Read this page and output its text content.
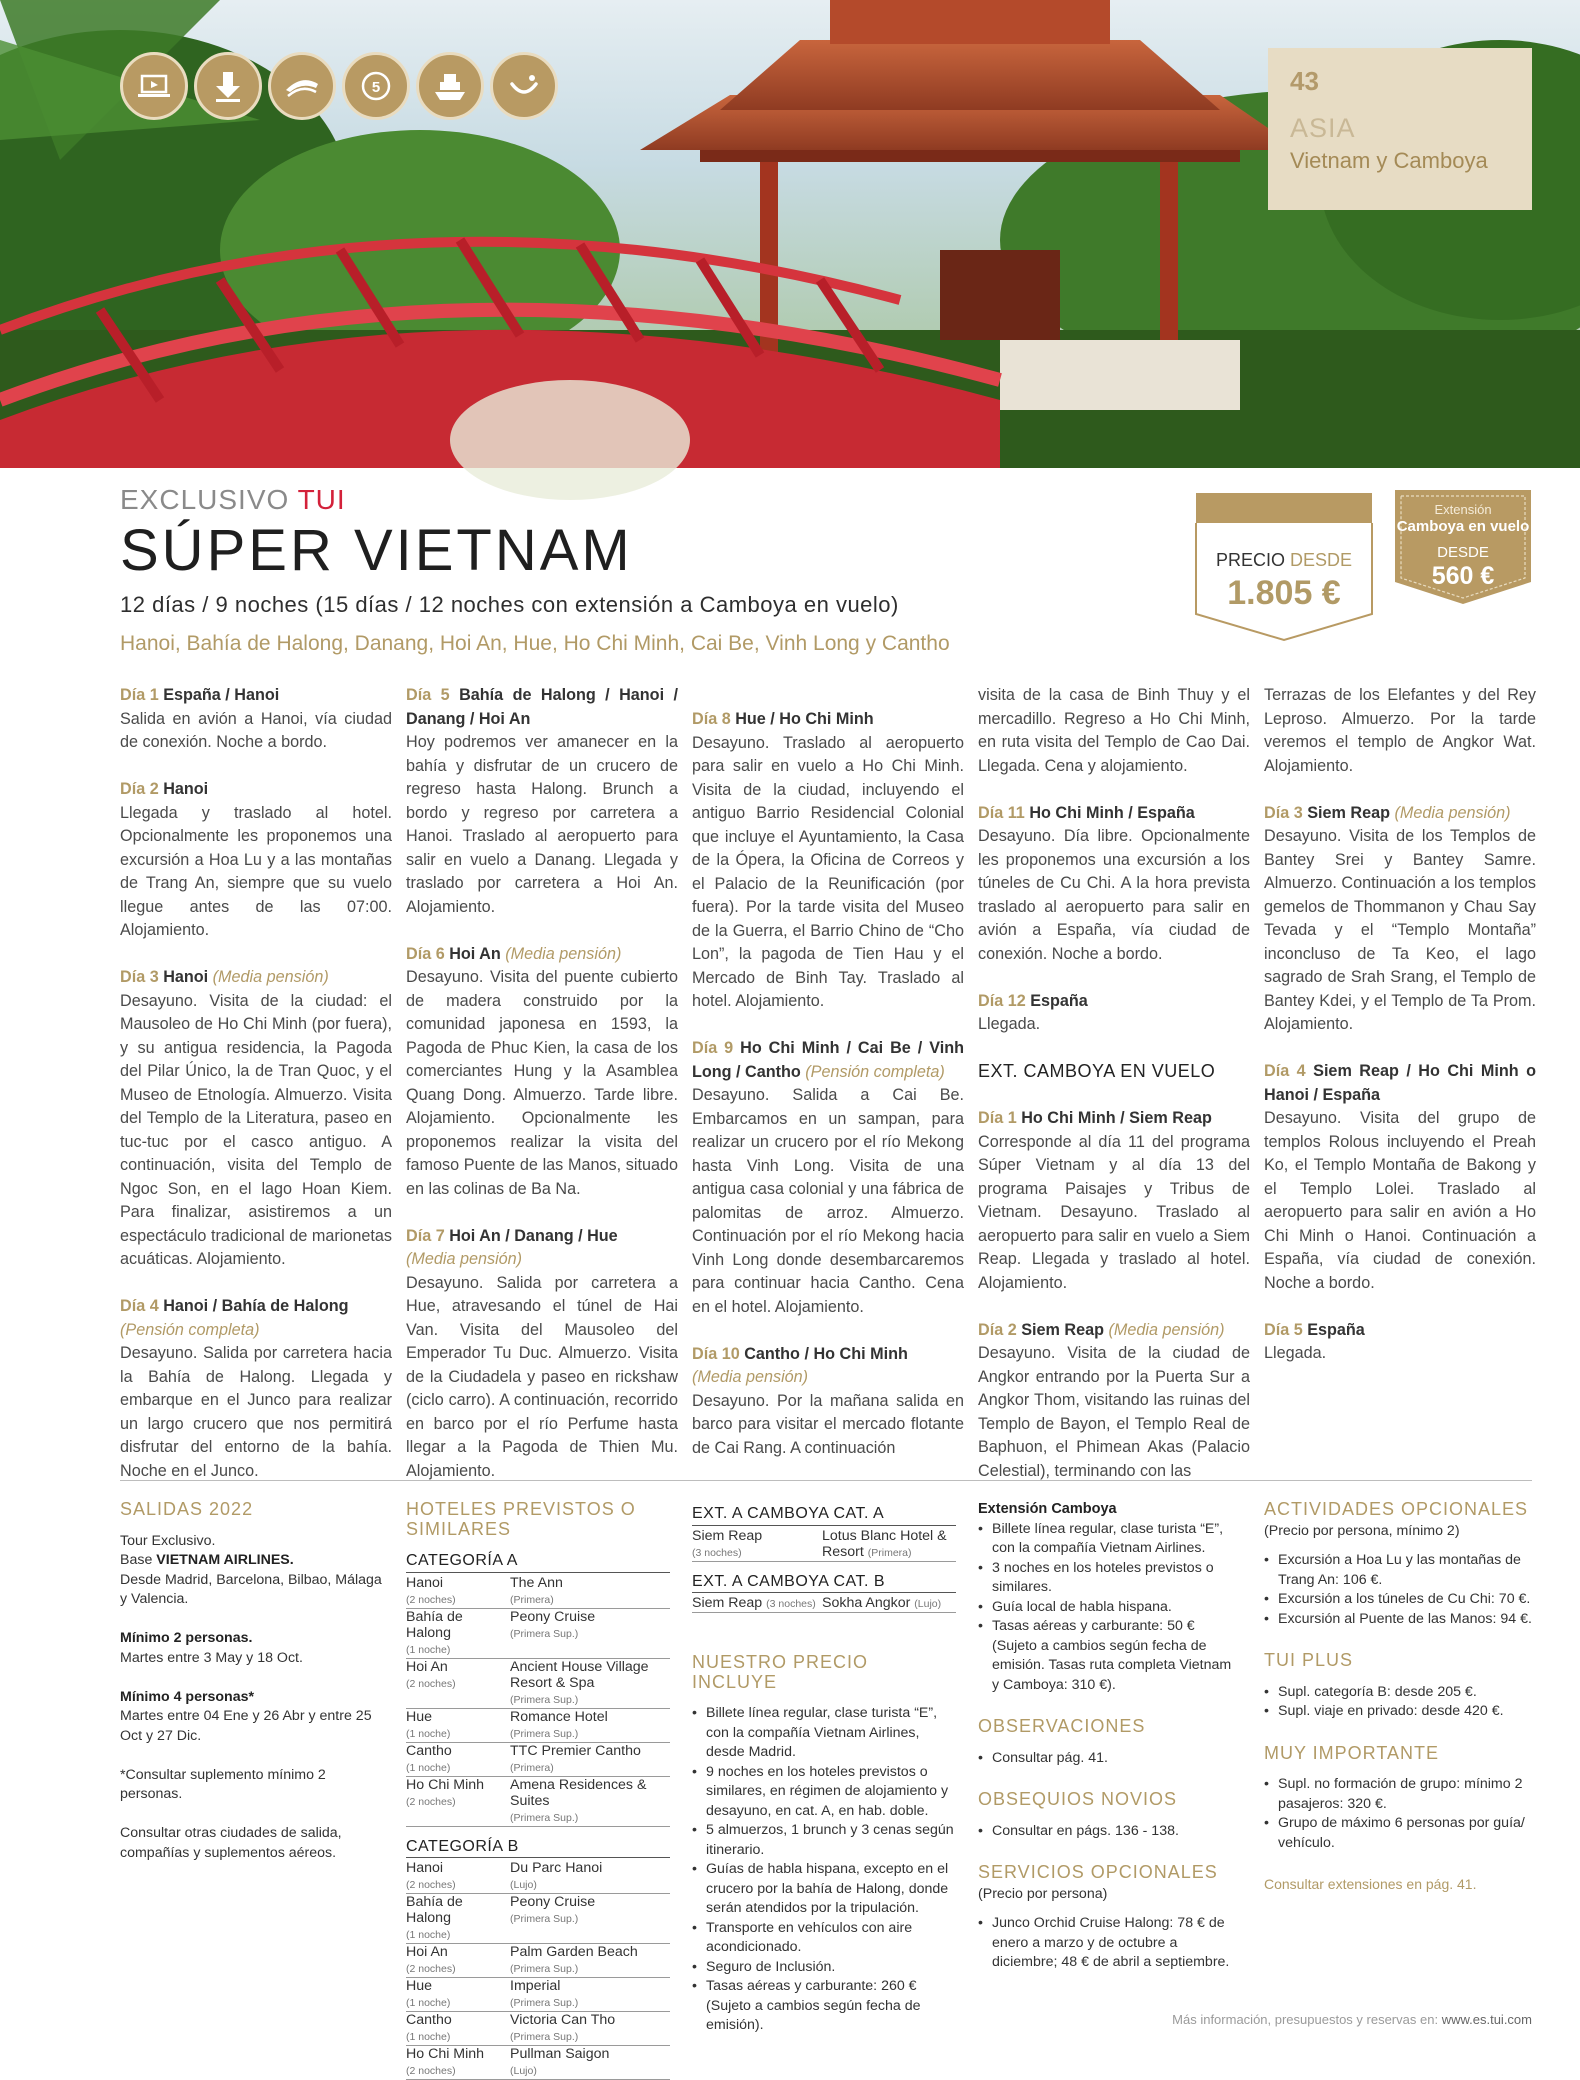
5	43
ASIA
Vietnam y Camboya
EXCLUSIVO TUI
SÚPER VIETNAM
12 días / 9 noches (15 días / 12 noches con extensión a Camboya en vuelo)
Hanoi, Bahía de Halong, Danang, Hoi An, Hue, Ho Chi Minh, Cai Be, Vinh Long y Cantho
PRECIO DESDE
1.805 €
Extensión
Camboya en vuelo
DESDE
560 €
Día 1 España / Hanoi
Salida en avión a Hanoi, vía ciudad de conexión. Noche a bordo.
Día 2 Hanoi
Llegada y traslado al hotel. Opcionalmente les proponemos una excursión a Hoa Lu y a las montañas de Trang An, siempre que su vuelo llegue antes de las 07:00. Alojamiento.
Día 3 Hanoi (Media pensión)
Desayuno. Visita de la ciudad: el Mausoleo de Ho Chi Minh (por fuera), y su antigua residencia, la Pagoda del Pilar Único, la de Tran Quoc, y el Museo de Etnología. Almuerzo. Visita del Templo de la Literatura, paseo en tuc-tuc por el casco antiguo. A continuación, visita del Templo de Ngoc Son, en el lago Hoan Kiem. Para finalizar, asistiremos a un espectáculo tradicional de marionetas acuáticas. Alojamiento.
Día 4 Hanoi / Bahía de Halong
(Pensión completa)
Desayuno. Salida por carretera hacia la Bahía de Halong. Llegada y embarque en el Junco para realizar un largo crucero que nos permitirá disfrutar del entorno de la bahía. Noche en el Junco.
Día 5 Bahía de Halong / Hanoi / Danang / Hoi An
Hoy podremos ver amanecer en la bahía y disfrutar de un crucero de regreso hasta Halong. Brunch a bordo y regreso por carretera a Hanoi. Traslado al aeropuerto para salir en vuelo a Danang. Llegada y traslado por carretera a Hoi An. Alojamiento.
Día 6 Hoi An (Media pensión)
Desayuno. Visita del puente cubierto de madera construido por la comunidad japonesa en 1593, la Pagoda de Phuc Kien, la casa de los comerciantes Hung y la Asamblea Quang Dong. Almuerzo. Tarde libre. Alojamiento. Opcionalmente les proponemos realizar la visita del famoso Puente de las Manos, situado en las colinas de Ba Na.
Día 7 Hoi An / Danang / Hue
(Media pensión)
Desayuno. Salida por carretera a Hue, atravesando el túnel de Hai Van. Visita del Mausoleo del Emperador Tu Duc. Almuerzo. Visita de la Ciudadela y paseo en rickshaw (ciclo carro). A continuación, recorrido en barco por el río Perfume hasta llegar a la Pagoda de Thien Mu. Alojamiento.
Día 8 Hue / Ho Chi Minh
Desayuno. Traslado al aeropuerto para salir en vuelo a Ho Chi Minh. Visita de la ciudad, incluyendo el antiguo Barrio Residencial Colonial que incluye el Ayuntamiento, la Casa de la Ópera, la Oficina de Correos y el Palacio de la Reunificación (por fuera). Por la tarde visita del Museo de la Guerra, el Barrio Chino de “Cho Lon”, la pagoda de Tien Hau y el Mercado de Binh Tay. Traslado al hotel. Alojamiento.
Día 9 Ho Chi Minh / Cai Be / Vinh Long / Cantho (Pensión completa)
Desayuno. Salida a Cai Be. Embarcamos en un sampan, para realizar un crucero por el río Mekong hasta Vinh Long. Visita de una antigua casa colonial y una fábrica de palomitas de arroz. Almuerzo. Continuación por el río Mekong hacia Vinh Long donde desembarcaremos para continuar hacia Cantho. Cena en el hotel. Alojamiento.
Día 10 Cantho / Ho Chi Minh
(Media pensión)
Desayuno. Por la mañana salida en barco para visitar el mercado flotante de Cai Rang. A continuación
visita de la casa de Binh Thuy y el mercadillo. Regreso a Ho Chi Minh, en ruta visita del Templo de Cao Dai. Llegada. Cena y alojamiento.
Día 11 Ho Chi Minh / España
Desayuno. Día libre. Opcionalmente les proponemos una excursión a los túneles de Cu Chi. A la hora prevista traslado al aeropuerto para salir en avión a España, vía ciudad de conexión. Noche a bordo.
Día 12 España
Llegada.
EXT. CAMBOYA EN VUELO
Día 1 Ho Chi Minh / Siem Reap
Corresponde al día 11 del programa Súper Vietnam y al día 13 del programa Paisajes y Tribus de Vietnam. Desayuno. Traslado al aeropuerto para salir en vuelo a Siem Reap. Llegada y traslado al hotel. Alojamiento.
Día 2 Siem Reap (Media pensión)
Desayuno. Visita de la ciudad de Angkor entrando por la Puerta Sur a Angkor Thom, visitando las ruinas del Templo de Bayon, el Templo Real de Baphuon, el Phimean Akas (Palacio Celestial), terminando con las
Terrazas de los Elefantes y del Rey Leproso. Almuerzo. Por la tarde veremos el templo de Angkor Wat. Alojamiento.
Día 3 Siem Reap (Media pensión)
Desayuno. Visita de los Templos de Bantey Srei y Bantey Samre. Almuerzo. Continuación a los templos gemelos de Thommanon y Chau Say Tevada y el “Templo Montaña” inconcluso de Ta Keo, el lago sagrado de Srah Srang, el Templo de Bantey Kdei, y el Templo de Ta Prom. Alojamiento.
Día 4 Siem Reap / Ho Chi Minh o Hanoi / España
Desayuno. Visita del grupo de templos Rolous incluyendo el Preah Ko, el Templo Montaña de Bakong y el Templo Lolei. Traslado al aeropuerto para salir en avión a Ho Chi Minh o Hanoi. Continuación a España, vía ciudad de conexión. Noche a bordo.
Día 5 España
Llegada.
SALIDAS 2022
Tour Exclusivo.
Base VIETNAM AIRLINES.
Desde Madrid, Barcelona, Bilbao, Málaga y Valencia.
Mínimo 2 personas.
Martes entre 3 May y 18 Oct.
Mínimo 4 personas*
Martes entre 04 Ene y 26 Abr y entre 25 Oct y 27 Dic.
*Consultar suplemento mínimo 2 personas.
Consultar otras ciudades de salida, compañías y suplementos aéreos.
HOTELES PREVISTOS O SIMILARES
CATEGORÍA A
Hanoi
(2 noches)	The Ann
(Primera)
Bahía de Halong
(1 noche)	Peony Cruise
(Primera Sup.)
Hoi An
(2 noches)	Ancient House Village Resort & Spa
(Primera Sup.)
Hue
(1 noche)	Romance Hotel
(Primera Sup.)
Cantho
(1 noche)	TTC Premier Cantho
(Primera)
Ho Chi Minh
(2 noches)	Amena Residences & Suites
(Primera Sup.)
CATEGORÍA B
Hanoi
(2 noches)	Du Parc Hanoi
(Lujo)
Bahía de Halong
(1 noche)	Peony Cruise
(Primera Sup.)
Hoi An
(2 noches)	Palm Garden Beach
(Primera Sup.)
Hue
(1 noche)	Imperial
(Primera Sup.)
Cantho
(1 noche)	Victoria Can Tho
(Primera Sup.)
Ho Chi Minh
(2 noches)	Pullman Saigon
(Lujo)
EXT. A CAMBOYA CAT. A
Siem Reap
(3 noches)	Lotus Blanc Hotel & Resort (Primera)
EXT. A CAMBOYA CAT. B
Siem Reap (3 noches)	Sokha Angkor (Lujo)
NUESTRO PRECIO INCLUYE
• Billete línea regular, clase turista “E”, con la compañía Vietnam Airlines, desde Madrid.
• 9 noches en los hoteles previstos o similares, en régimen de alojamiento y desayuno, en cat. A, en hab. doble.
• 5 almuerzos, 1 brunch y 3 cenas según itinerario.
• Guías de habla hispana, excepto en el crucero por la bahía de Halong, donde serán atendidos por la tripulación.
• Transporte en vehículos con aire acondicionado.
• Seguro de Inclusión.
• Tasas aéreas y carburante: 260 € (Sujeto a cambios según fecha de emisión).
Extensión Camboya
• Billete línea regular, clase turista “E”, con la compañía Vietnam Airlines.
• 3 noches en los hoteles previstos o similares.
• Guía local de habla hispana.
• Tasas aéreas y carburante: 50 € (Sujeto a cambios según fecha de emisión. Tasas ruta completa Vietnam y Camboya: 310 €).
OBSERVACIONES
• Consultar pág. 41.
OBSEQUIOS NOVIOS
• Consultar en págs. 136 - 138.
SERVICIOS OPCIONALES
(Precio por persona)
• Junco Orchid Cruise Halong: 78 € de enero a marzo y de octubre a diciembre; 48 € de abril a septiembre.
ACTIVIDADES OPCIONALES
(Precio por persona, mínimo 2)
• Excursión a Hoa Lu y las montañas de Trang An: 106 €.
• Excursión a los túneles de Cu Chi: 70 €.
• Excursión al Puente de las Manos: 94 €.
TUI PLUS
• Supl. categoría B: desde 205 €.
• Supl. viaje en privado: desde 420 €.
MUY IMPORTANTE
• Supl. no formación de grupo: mínimo 2 pasajeros: 320 €.
• Grupo de máximo 6 personas por guía/ vehículo.
Consultar extensiones en pág. 41.
Más información, presupuestos y reservas en: www.es.tui.com
